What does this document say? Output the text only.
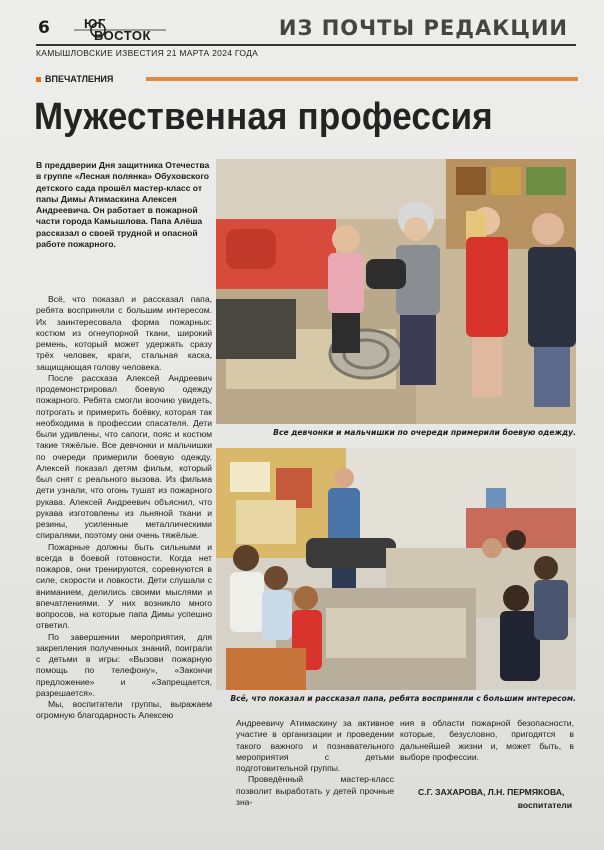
6	ЮГ
ВОСТОК	ИЗ ПОЧТЫ РЕДАКЦИИ
КАМЫШЛОВСКИЕ ИЗВЕСТИЯ 21 МАРТА 2024 ГОДА
ВПЕЧАТЛЕНИЯ
Мужественная профессия
В преддверии Дня защитника Отечества в группе «Лесная полянка» Обуховского детского сада прошёл мастер-класс от папы Димы Атимаскина Алексея Андреевича. Он работает в пожарной части города Камышлова. Папа Алёша рассказал о своей трудной и опасной работе пожарного.

Всё, что показал и рассказал папа, ребята восприняли с большим интересом. Их заинтересовала форма пожарных: костюм из огнеупорной ткани, широкий ремень, который может удержать сразу трёх человек, краги, стальная каска, защищающая голову человека.

После рассказа Алексей Андреевич продемонстрировал боевую одежду пожарного. Ребята смогли воочию увидеть, потрогать и примерить боёвку, которая так необходима в профессии спасателя. Дети были удивлены, что сапоги, пояс и костюм такие тяжёлые. Все девчонки и мальчишки по очереди примерили боевую одежду. Алексей показал детям фильм, который был снят с реального вызова. Из фильма дети узнали, что огонь тушат из пожарного рукава. Алексей Андреевич объяснил, что рукава изготовлены из льняной ткани и резины, усиленные металлическими спиралями, поэтому они очень тяжёлые.

Пожарные должны быть сильными и всегда в боевой готовности. Когда нет пожаров, они тренируются, соревнуются в силе, скорости и ловкости. Дети слушали с вниманием, делились своими мыслями и впечатлениями. У них возникло много вопросов, на которые папа Димы успешно ответил.

По завершении мероприятия, для закрепления полученных знаний, поиграли с детьми в игры: «Вызови пожарную помощь по телефону», «Закончи предложение» и «Запрещается, разрешается».

Мы, воспитатели группы, выражаем огромную благодарность Алексею

Все девчонки и мальчишки по очереди примерили боевую одежду.
Всё, что показал и рассказал папа, ребята восприняли с большим интересом.

Андреевичу Атимаскину за активное участие в организации и проведении такого важного и познавательного мероприятия с детьми подготовительной группы.

Проведённый мастер-класс позволит выработать у детей прочные зна-

ния в области пожарной безопасности, которые, безусловно, пригодятся в дальнейшей жизни и, может быть, в выборе профессии.

С.Г. ЗАХАРОВА, Л.Н. ПЕРМЯКОВА,
воспитатели
